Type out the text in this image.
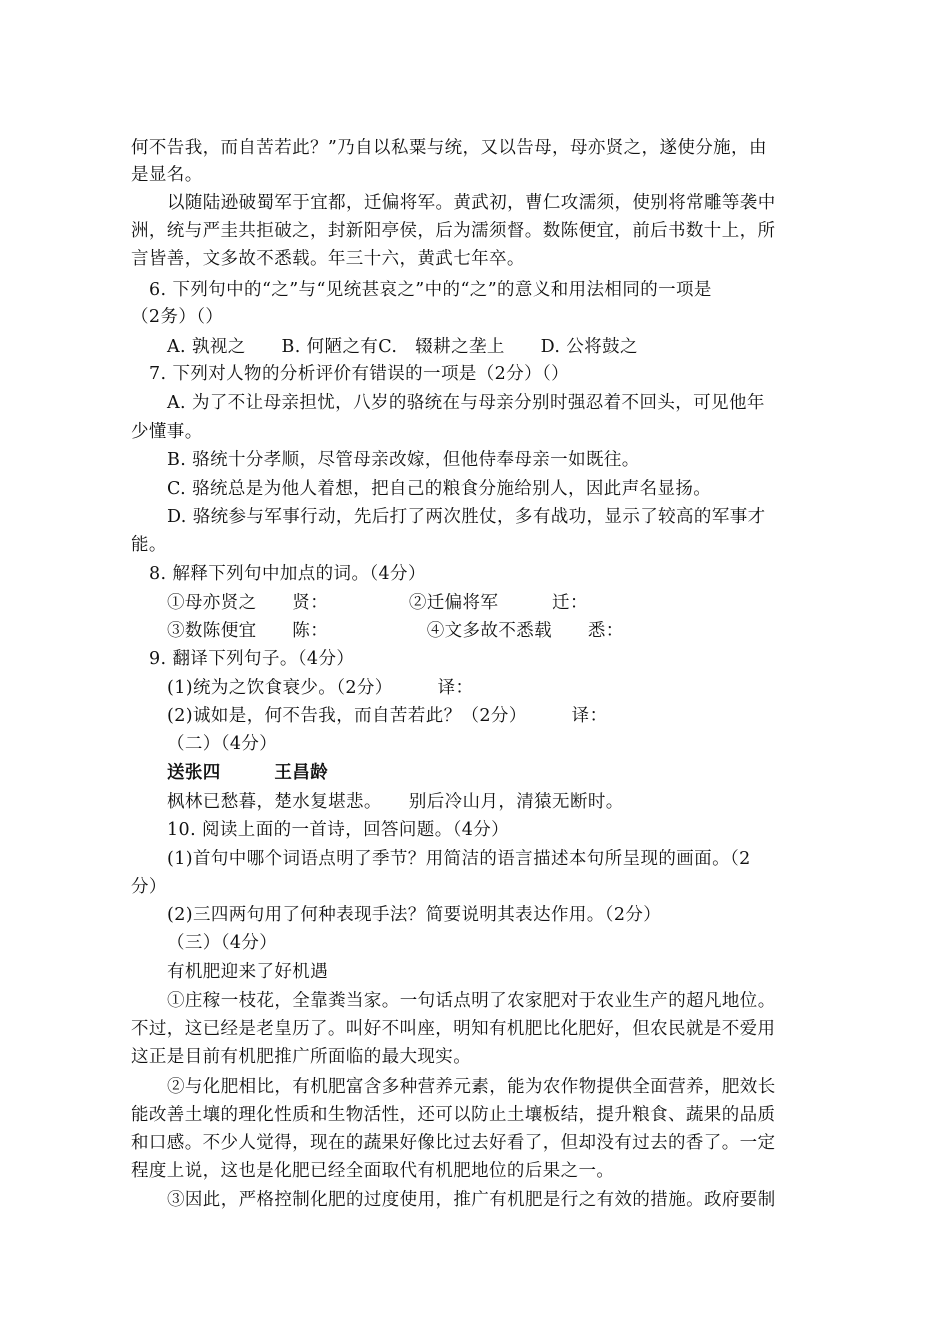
何不告我，而自苦若此？”乃自以私粟与统，又以告母，母亦贤之，遂使分施，由
是显名。
以随陆逊破蜀军于宜都，迁偏将军。黄武初，曹仁攻濡须，使别将常雕等袭中
洲，统与严圭共拒破之，封新阳亭侯，后为濡须督。数陈便宜，前后书数十上，所
言皆善，文多故不悉载。年三十六，黄武七年卒。
6. 下列句中的“之”与“见统甚哀之”中的“之”的意义和用法相同的一项是
（2务）（）
A. 孰视之　　B. 何陋之有C.　辍耕之垄上　　D. 公将鼓之
7. 下列对人物的分析评价有错误的一项是（2分）（）
A. 为了不让母亲担忧，八岁的骆统在与母亲分别时强忍着不回头，可见他年
少懂事。
B. 骆统十分孝顺，尽管母亲改嫁，但他侍奉母亲一如既往。
C. 骆统总是为他人着想，把自己的粮食分施给别人，因此声名显扬。
D. 骆统参与军事行动，先后打了两次胜仗，多有战功，显示了较高的军事才
能。
8. 解释下列句中加点的词。（4分）
①母亦贤之　　贤：　　　　　②迁偏将军　　　迁：
③数陈便宜　　陈：　　　　　　④文多故不悉载　　悉：
9. 翻译下列句子。（4分）
(1)统为之饮食衰少。（2分）　　　译：
(2)诚如是，何不告我，而自苦若此？（2分）　　　译：
（二）（4分）
送张四　　　王昌龄
枫林已愁暮，楚水复堪悲。　　别后冷山月，清猿无断时。
10. 阅读上面的一首诗，回答问题。（4分）
(1)首句中哪个词语点明了季节？用简洁的语言描述本句所呈现的画面。（2
分）
(2)三四两句用了何种表现手法？简要说明其表达作用。（2分）
（三）（4分）
有机肥迎来了好机遇
①庄稼一枝花，全靠粪当家。一句话点明了农家肥对于农业生产的超凡地位。
不过，这已经是老皇历了。叫好不叫座，明知有机肥比化肥好，但农民就是不爱用
这正是目前有机肥推广所面临的最大现实。
②与化肥相比，有机肥富含多种营养元素，能为农作物提供全面营养，肥效长
能改善土壤的理化性质和生物活性，还可以防止土壤板结，提升粮食、蔬果的品质
和口感。不少人觉得，现在的蔬果好像比过去好看了，但却没有过去的香了。一定
程度上说，这也是化肥已经全面取代有机肥地位的后果之一。
③因此，严格控制化肥的过度使用，推广有机肥是行之有效的措施。政府要制
